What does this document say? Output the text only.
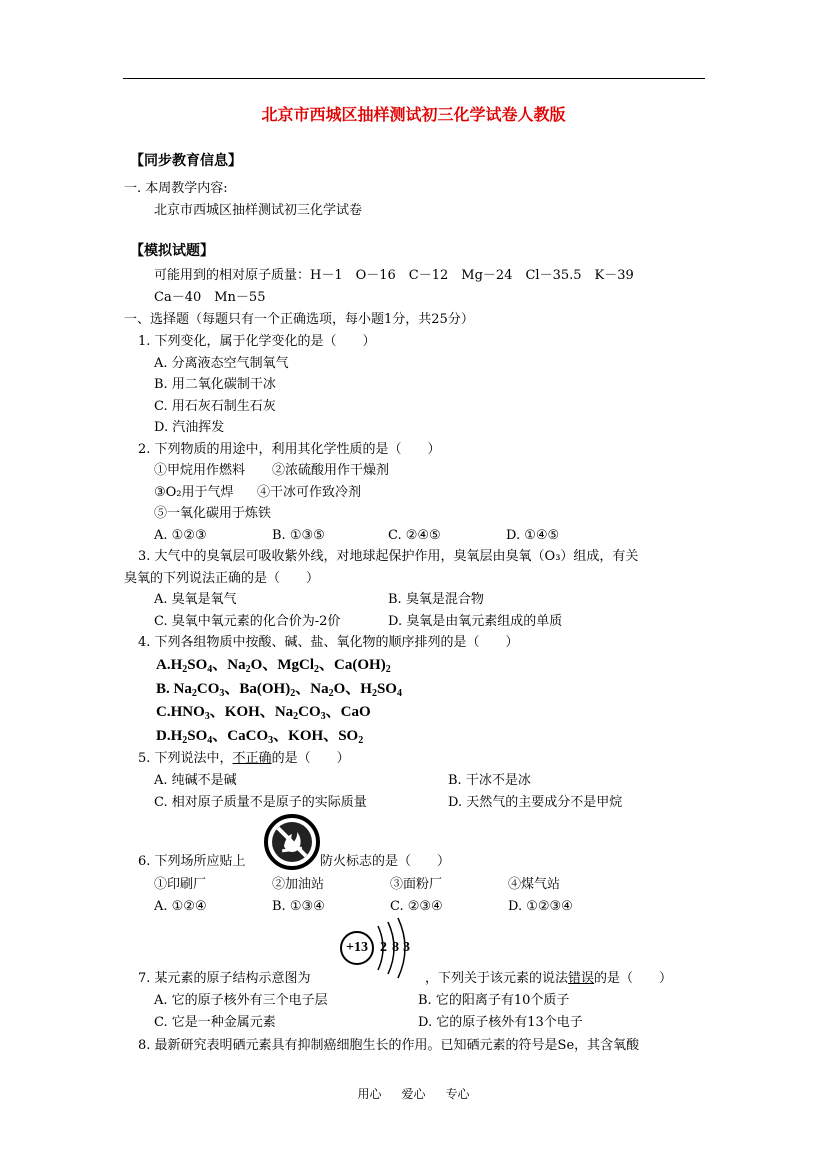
北京市西城区抽样测试初三化学试卷人教版
【同步教育信息】
一. 本周教学内容:
北京市西城区抽样测试初三化学试卷
【模拟试题】
可能用到的相对原子质量：H－1　O－16　C－12　Mg－24　Cl－35.5　K－39
Ca－40　Mn－55
一、选择题（每题只有一个正确选项，每小题1分，共25分）
1. 下列变化，属于化学变化的是（　　）
A. 分离液态空气制氧气
B. 用二氧化碳制干冰
C. 用石灰石制生石灰
D. 汽油挥发
2. 下列物质的用途中，利用其化学性质的是（　　）
①甲烷用作燃料 ②浓硫酸用作干燥剂
③O₂用于气焊 ④干冰可作致冷剂
⑤一氧化碳用于炼铁
A. ①②③	B. ①③⑤	C. ②④⑤	D. ①④⑤
3. 大气中的臭氧层可吸收紫外线，对地球起保护作用，臭氧层由臭氧（O₃）组成，有关
臭氧的下列说法正确的是（　　）
A. 臭氧是氧气	B. 臭氧是混合物
C. 臭氧中氧元素的化合价为-2价	D. 臭氧是由氧元素组成的单质
4. 下列各组物质中按酸、碱、盐、氧化物的顺序排列的是（　　）
$A.H_2SO_4$、$Na_2O$、MgCl$_2$、$Ca(OH)_2$
B. $Na_2CO_3$、$Ba(OH)_2$、$Na_2O$、$H_2SO_4$
$C.HNO_3$、KOH、$Na_2CO_3$、CaO
$D.H_2SO_4$、CaCO$_3$、KOH、$SO_2$
5. 下列说法中，不正确的是（　　）
A. 纯碱不是碱	B. 干冰不是冰
C. 相对原子质量不是原子的实际质量	D. 天然气的主要成分不是甲烷
6. 下列场所应贴上	防火标志的是（　　）
①印刷厂	②加油站	③面粉厂	④煤气站
A. ①②④	B. ①③④	C. ②③④	D. ①②③④
+13 2 8 3
7. 某元素的原子结构示意图为	，下列关于该元素的说法错误的是（　　）
A. 它的原子核外有三个电子层	B. 它的阳离子有10个质子
C. 它是一种金属元素	D. 它的原子核外有13个电子
8. 最新研究表明硒元素具有抑制癌细胞生长的作用。已知硒元素的符号是Se，其含氧酸
用心 爱心 专心
